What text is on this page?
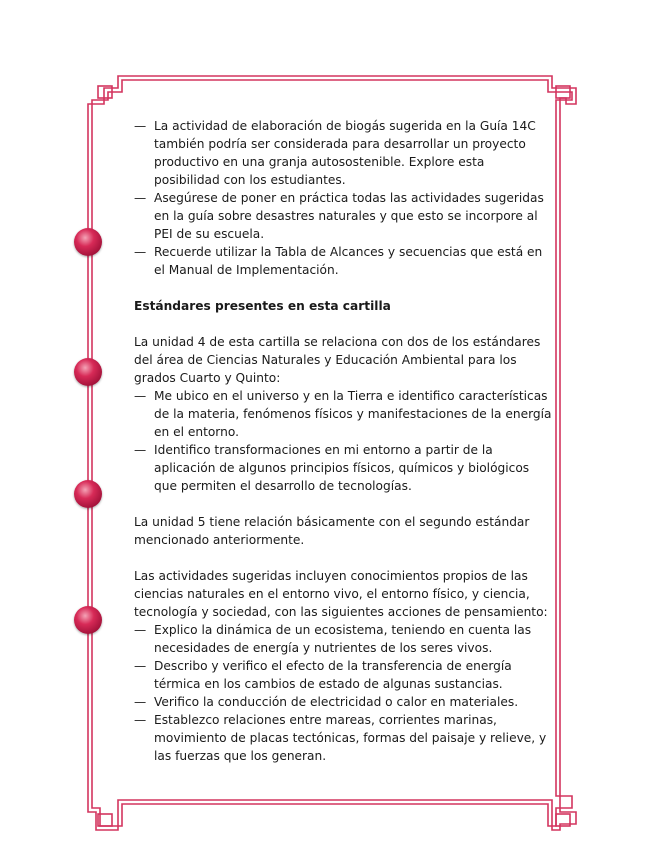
— La actividad de elaboración de biogás sugerida en la Guía 14C también podría ser considerada para desarrollar un proyecto productivo en una granja autosostenible. Explore esta posibilidad con los estudiantes.
— Asegúrese de poner en práctica todas las actividades sugeridas en la guía sobre desastres naturales y que esto se incorpore al PEI de su escuela.
— Recuerde utilizar la Tabla de Alcances y secuencias que está en el Manual de Implementación.

Estándares presentes en esta cartilla

La unidad 4 de esta cartilla se relaciona con dos de los estándares del área de Ciencias Naturales y Educación Ambiental para los grados Cuarto y Quinto:

— Me ubico en el universo y en la Tierra e identifico características de la materia, fenómenos físicos y manifestaciones de la energía en el entorno.
— Identifico transformaciones en mi entorno a partir de la aplicación de algunos principios físicos, químicos y biológicos que permiten el desarrollo de tecnologías.

La unidad 5 tiene relación básicamente con el segundo estándar mencionado anteriormente.

Las actividades sugeridas incluyen conocimientos propios de las ciencias naturales en el entorno vivo, el entorno físico, y ciencia, tecnología y sociedad, con las siguientes acciones de pensamiento:

— Explico la dinámica de un ecosistema, teniendo en cuenta las necesidades de energía y nutrientes de los seres vivos.
— Describo y verifico el efecto de la transferencia de energía térmica en los cambios de estado de algunas sustancias.
— Verifico la conducción de electricidad o calor en materiales.
— Establezco relaciones entre mareas, corrientes marinas, movimiento de placas tectónicas, formas del paisaje y relieve, y las fuerzas que los generan.
